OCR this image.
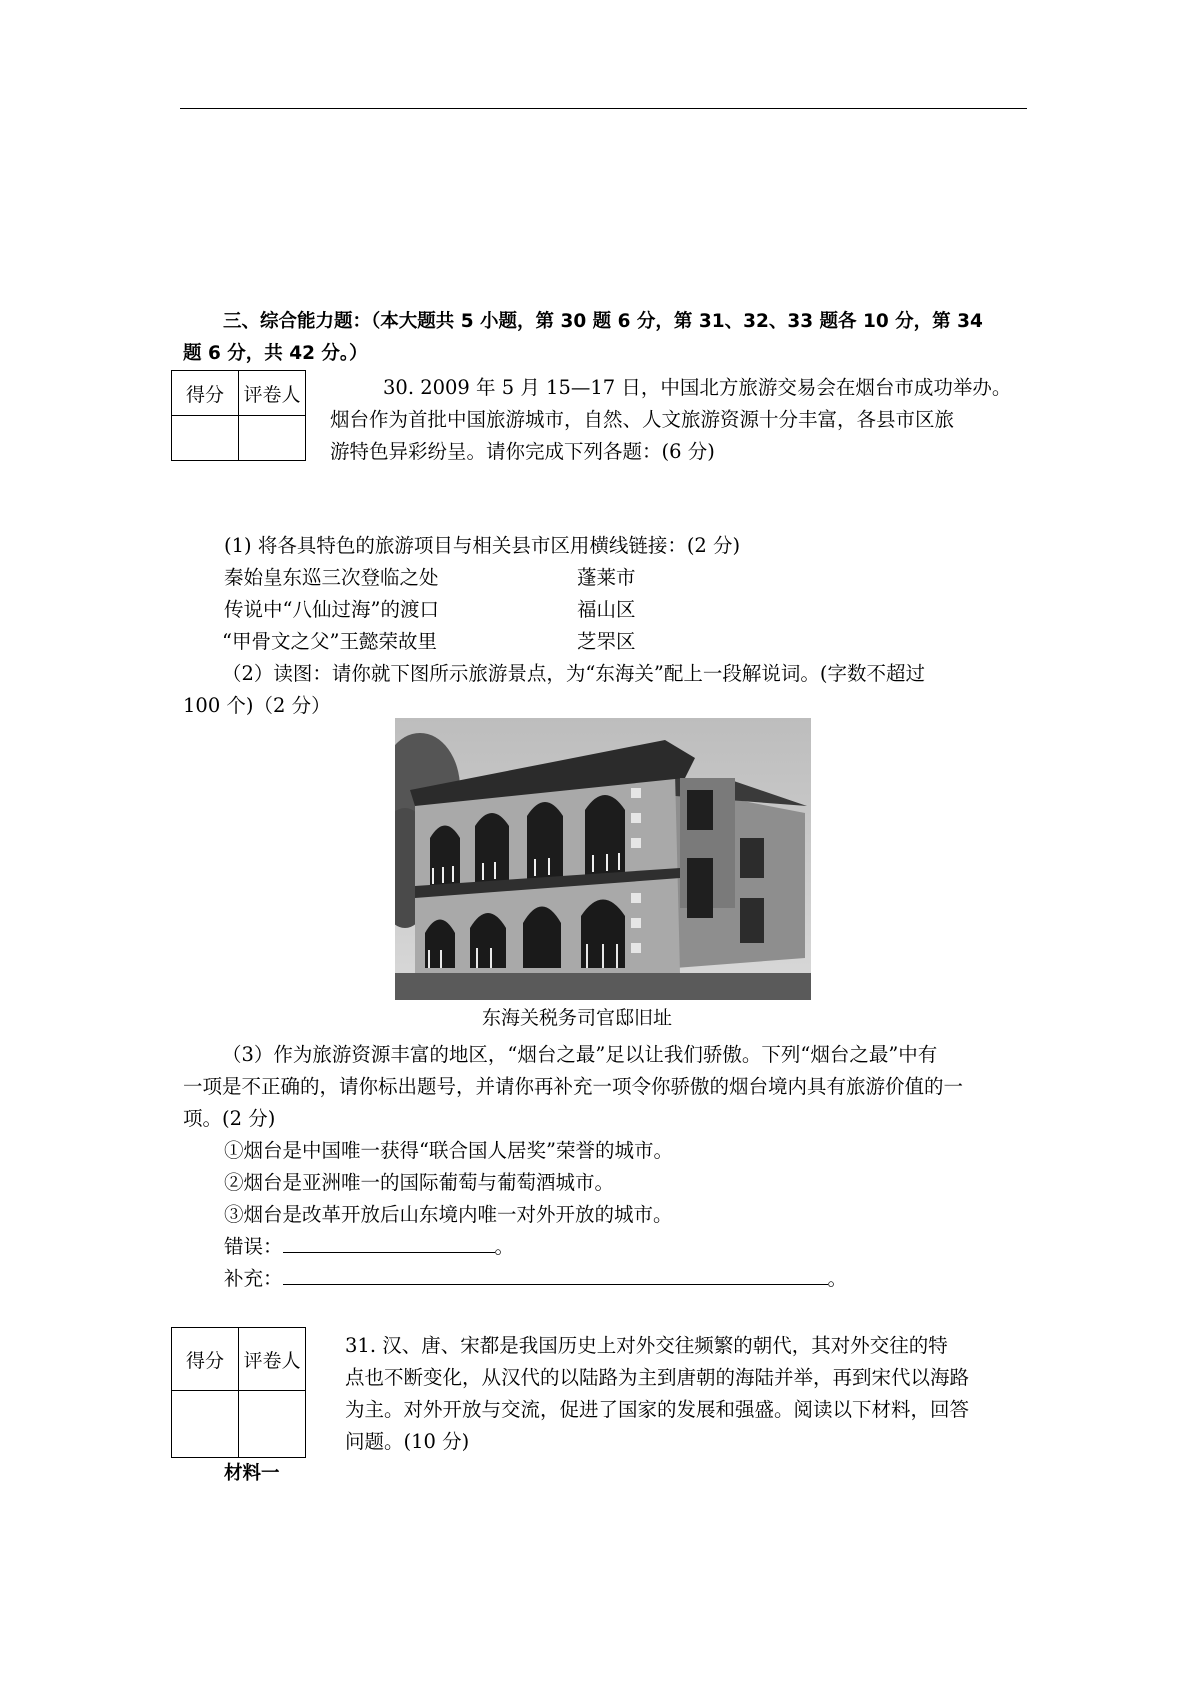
三、综合能力题：（本大题共 5 小题，第 30 题 6 分，第 31、32、33 题各 10 分，第 34
题 6 分，共 42 分。）
得分	评卷人
		30. 2009 年 5 月 15—17 日，中国北方旅游交易会在烟台市成功举办。
烟台作为首批中国旅游城市，自然、人文旅游资源十分丰富，各县市区旅
游特色异彩纷呈。请你完成下列各题：(6 分)
(1) 将各具特色的旅游项目与相关县市区用横线链接：(2 分)
秦始皇东巡三次登临之处	蓬莱市
传说中“八仙过海”的渡口	福山区
“甲骨文之父”王懿荣故里	芝罘区
（2）读图：请你就下图所示旅游景点，为“东海关”配上一段解说词。(字数不超过
100 个)（2 分）
东海关税务司官邸旧址
（3）作为旅游资源丰富的地区，“烟台之最”足以让我们骄傲。下列“烟台之最”中有
一项是不正确的，请你标出题号，并请你再补充一项令你骄傲的烟台境内具有旅游价值的一
项。(2 分)
①烟台是中国唯一获得“联合国人居奖”荣誉的城市。
②烟台是亚洲唯一的国际葡萄与葡萄酒城市。
③烟台是改革开放后山东境内唯一对外开放的城市。
错误：	。
补充：	。
得分	评卷人

31. 汉、唐、宋都是我国历史上对外交往频繁的朝代，其对外交往的特
点也不断变化，从汉代的以陆路为主到唐朝的海陆并举，再到宋代以海路
为主。对外开放与交流，促进了国家的发展和强盛。阅读以下材料，回答
问题。(10 分)
材料一
